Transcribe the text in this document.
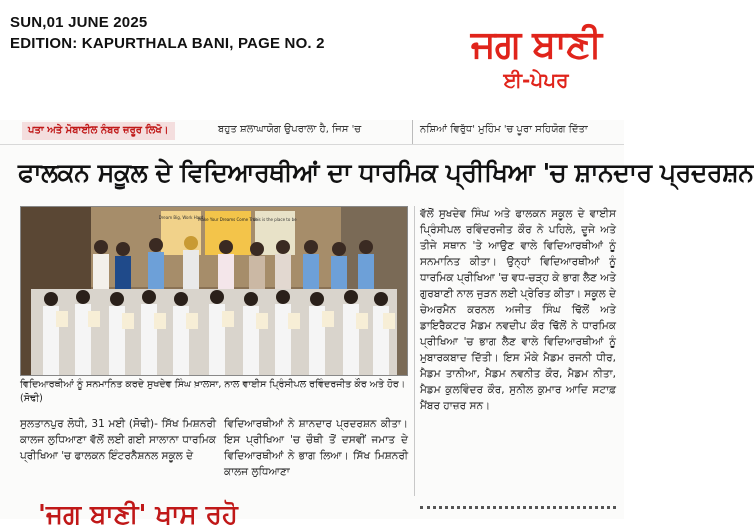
SUN,01 JUNE 2025
EDITION: KAPURTHALA BANI, PAGE NO. 2	ਜਗ ਬਾਣੀ
ਈ-ਪੇਪਰ
ਪਤਾ ਅਤੇ ਮੋਬਾਈਲ ਨੰਬਰ ਜ਼ਰੂਰ ਲਿਖੋ।	ਬਹੁਤ ਸ਼ਲਾਘਾਯੋਗ ਉਪਰਾਲਾ ਹੈ, ਜਿਸ 'ਚ	ਨਸ਼ਿਆਂ ਵਿਰੁੱਧ' ਮੁਹਿੰਮ 'ਚ ਪੂਰਾ ਸਹਿਯੋਗ ਦਿੱਤਾ
ਫਾਲਕਨ ਸਕੂਲ ਦੇ ਵਿਦਿਆਰਥੀਆਂ ਦਾ ਧਾਰਮਿਕ ਪ੍ਰੀਖਿਆ 'ਚ ਸ਼ਾਨਦਾਰ ਪ੍ਰਦਰਸ਼ਨ
Dream Big, Work Hard
Make Your Dreams Come True
this is the place to be
ਵਿਦਿਆਰਥੀਆਂ ਨੂੰ ਸਨਮਾਨਿਤ ਕਰਦੇ ਸੁਖਦੇਵ ਸਿੰਘ ਖ਼ਾਲਸਾ, ਨਾਲ ਵਾਈਸ ਪ੍ਰਿੰਸੀਪਲ ਰਵਿੰਦਰਜੀਤ ਕੌਰ ਅਤੇ ਹੋਰ। (ਸੋਢੀ)
ਸੁਲਤਾਨਪੁਰ ਲੋਧੀ, 31 ਮਈ (ਸੋਢੀ)- ਸਿੱਖ ਮਿਸ਼ਨਰੀ ਕਾਲਜ ਲੁਧਿਆਣਾ ਵੱਲੋਂ ਲਈ ਗਈ ਸਾਲਾਨਾ ਧਾਰਮਿਕ ਪ੍ਰੀਖਿਆ 'ਚ ਫਾਲਕਨ ਇੰਟਰਨੈਸ਼ਨਲ ਸਕੂਲ ਦੇ
ਵਿਦਿਆਰਥੀਆਂ ਨੇ ਸ਼ਾਨਦਾਰ ਪ੍ਰਦਰਸ਼ਨ ਕੀਤਾ। ਇਸ ਪ੍ਰੀਖਿਆ 'ਚ ਚੌਥੀ ਤੋਂ ਦਸਵੀਂ ਜਮਾਤ ਦੇ ਵਿਦਿਆਰਥੀਆਂ ਨੇ ਭਾਗ ਲਿਆ। ਸਿੱਖ ਮਿਸ਼ਨਰੀ ਕਾਲਜ ਲੁਧਿਆਣਾ
ਵੱਲੋਂ ਸੁਖਦੇਵ ਸਿੰਘ ਅਤੇ ਫਾਲਕਨ ਸਕੂਲ ਦੇ ਵਾਈਸ ਪ੍ਰਿੰਸੀਪਲ ਰਵਿੰਦਰਜੀਤ ਕੌਰ ਨੇ ਪਹਿਲੇ, ਦੂਜੇ ਅਤੇ ਤੀਜੇ ਸਥਾਨ 'ਤੇ ਆਉਣ ਵਾਲੇ ਵਿਦਿਆਰਥੀਆਂ ਨੂੰ ਸਨਮਾਨਿਤ ਕੀਤਾ। ਉਨ੍ਹਾਂ ਵਿਦਿਆਰਥੀਆਂ ਨੂੰ ਧਾਰਮਿਕ ਪ੍ਰੀਖਿਆ 'ਚ ਵਧ-ਚੜ੍ਹ ਕੇ ਭਾਗ ਲੈਣ ਅਤੇ ਗੁਰਬਾਣੀ ਨਾਲ ਜੁੜਨ ਲਈ ਪ੍ਰੇਰਿਤ ਕੀਤਾ। ਸਕੂਲ ਦੇ ਚੇਅਰਮੈਨ ਕਰਨਲ ਅਜੀਤ ਸਿੰਘ ਢਿੱਲੋਂ ਅਤੇ ਡਾਇਰੈਕਟਰ ਮੈਡਮ ਨਵਦੀਪ ਕੌਰ ਢਿੱਲੋਂ ਨੇ ਧਾਰਮਿਕ ਪ੍ਰੀਖਿਆ 'ਚ ਭਾਗ ਲੈਣ ਵਾਲੇ ਵਿਦਿਆਰਥੀਆਂ ਨੂੰ ਮੁਬਾਰਕਬਾਦ ਦਿੱਤੀ। ਇਸ ਮੌਕੇ ਮੈਡਮ ਰਜਨੀ ਧੀਰ, ਮੈਡਮ ਤਾਨੀਆ, ਮੈਡਮ ਨਵਨੀਤ ਕੌਰ, ਮੈਡਮ ਨੀਤਾ, ਮੈਡਮ ਕੁਲਵਿੰਦਰ ਕੌਰ, ਸੁਨੀਲ ਕੁਮਾਰ ਆਦਿ ਸਟਾਫ਼ ਮੈਂਬਰ ਹਾਜ਼ਰ ਸਨ।
'ਜਗ ਬਾਣੀ' ਖਾਸ ਰਹੋ
